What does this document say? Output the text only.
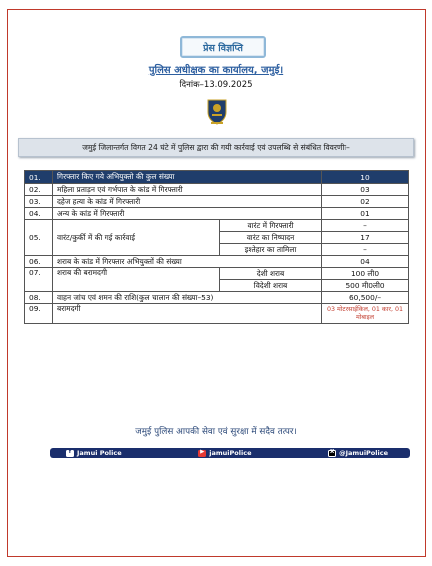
प्रेस विज्ञप्ति
पुलिस अधीक्षक का कार्यालय, जमुई।
दिनांक–13.09.2025
जमुई जिलान्तर्गत विगत 24 घंटे में पुलिस द्वारा की गयी कार्रवाई एवं उपलब्धि से संबंधित विवरणीः–
01.	गिरफ्तार किए गये अभियुक्तो की कुल संख्या		10
02.	महिला प्रताड़न एवं गर्भपात के कांड में गिरफ्तारी		03
03.	दहेज हत्या के कांड में गिरफ्तारी		02
04.	अन्य के कांड में गिरफ्तारी		01
05.	वारंट/कुर्की में की गई कार्रवाई	वारंट में गिरफ्तारी	–
		वारंट का निष्पादन	17
		इश्तेहार का तामिला	–
06.	शराब के कांड में गिरफ्तार अभियुक्तों की संख्या		04
07.	शराब की बरामदगी	देशी शराब	100 ली0
		विदेशी शराब	500 मी0ली0
08.	वाहन जांच एवं शमन की राशि(कुल चालान की संख्या–53)		60,500/–
09.	बरामदगी		03 मोटरसाईकिल, 01 कार, 01 मोबाइल
जमुई पुलिस आपकी सेवा एवं सुरक्षा में सदैव तत्पर।
f Jamui Police	▶ jamuiPolice	X @JamuiPolice
